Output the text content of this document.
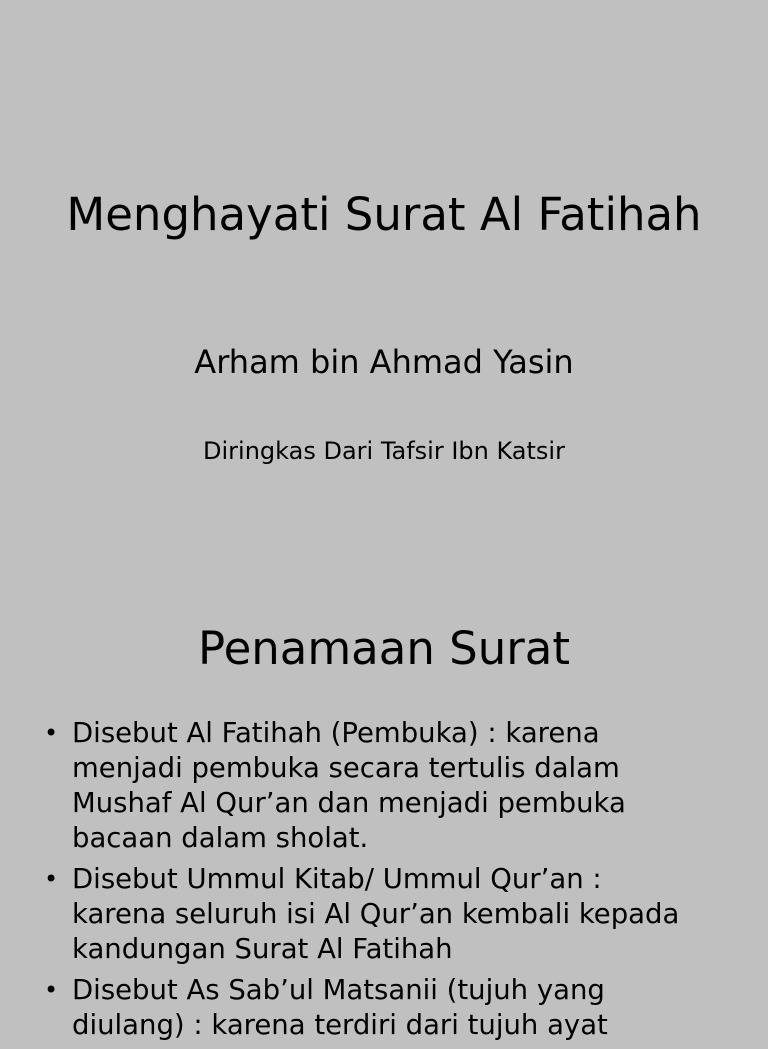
Menghayati Surat Al Fatihah

Arham bin Ahmad Yasin

Diringkas Dari Tafsir Ibn Katsir

Penamaan Surat
• Disebut Al Fatihah (Pembuka) : karena menjadi pembuka secara tertulis dalam Mushaf Al Qur’an dan menjadi pembuka bacaan dalam sholat.
• Disebut Ummul Kitab/ Ummul Qur’an : karena seluruh isi Al Qur’an kembali kepada kandungan Surat Al Fatihah
• Disebut As Sab’ul Matsanii (tujuh yang diulang) : karena terdiri dari tujuh ayat
